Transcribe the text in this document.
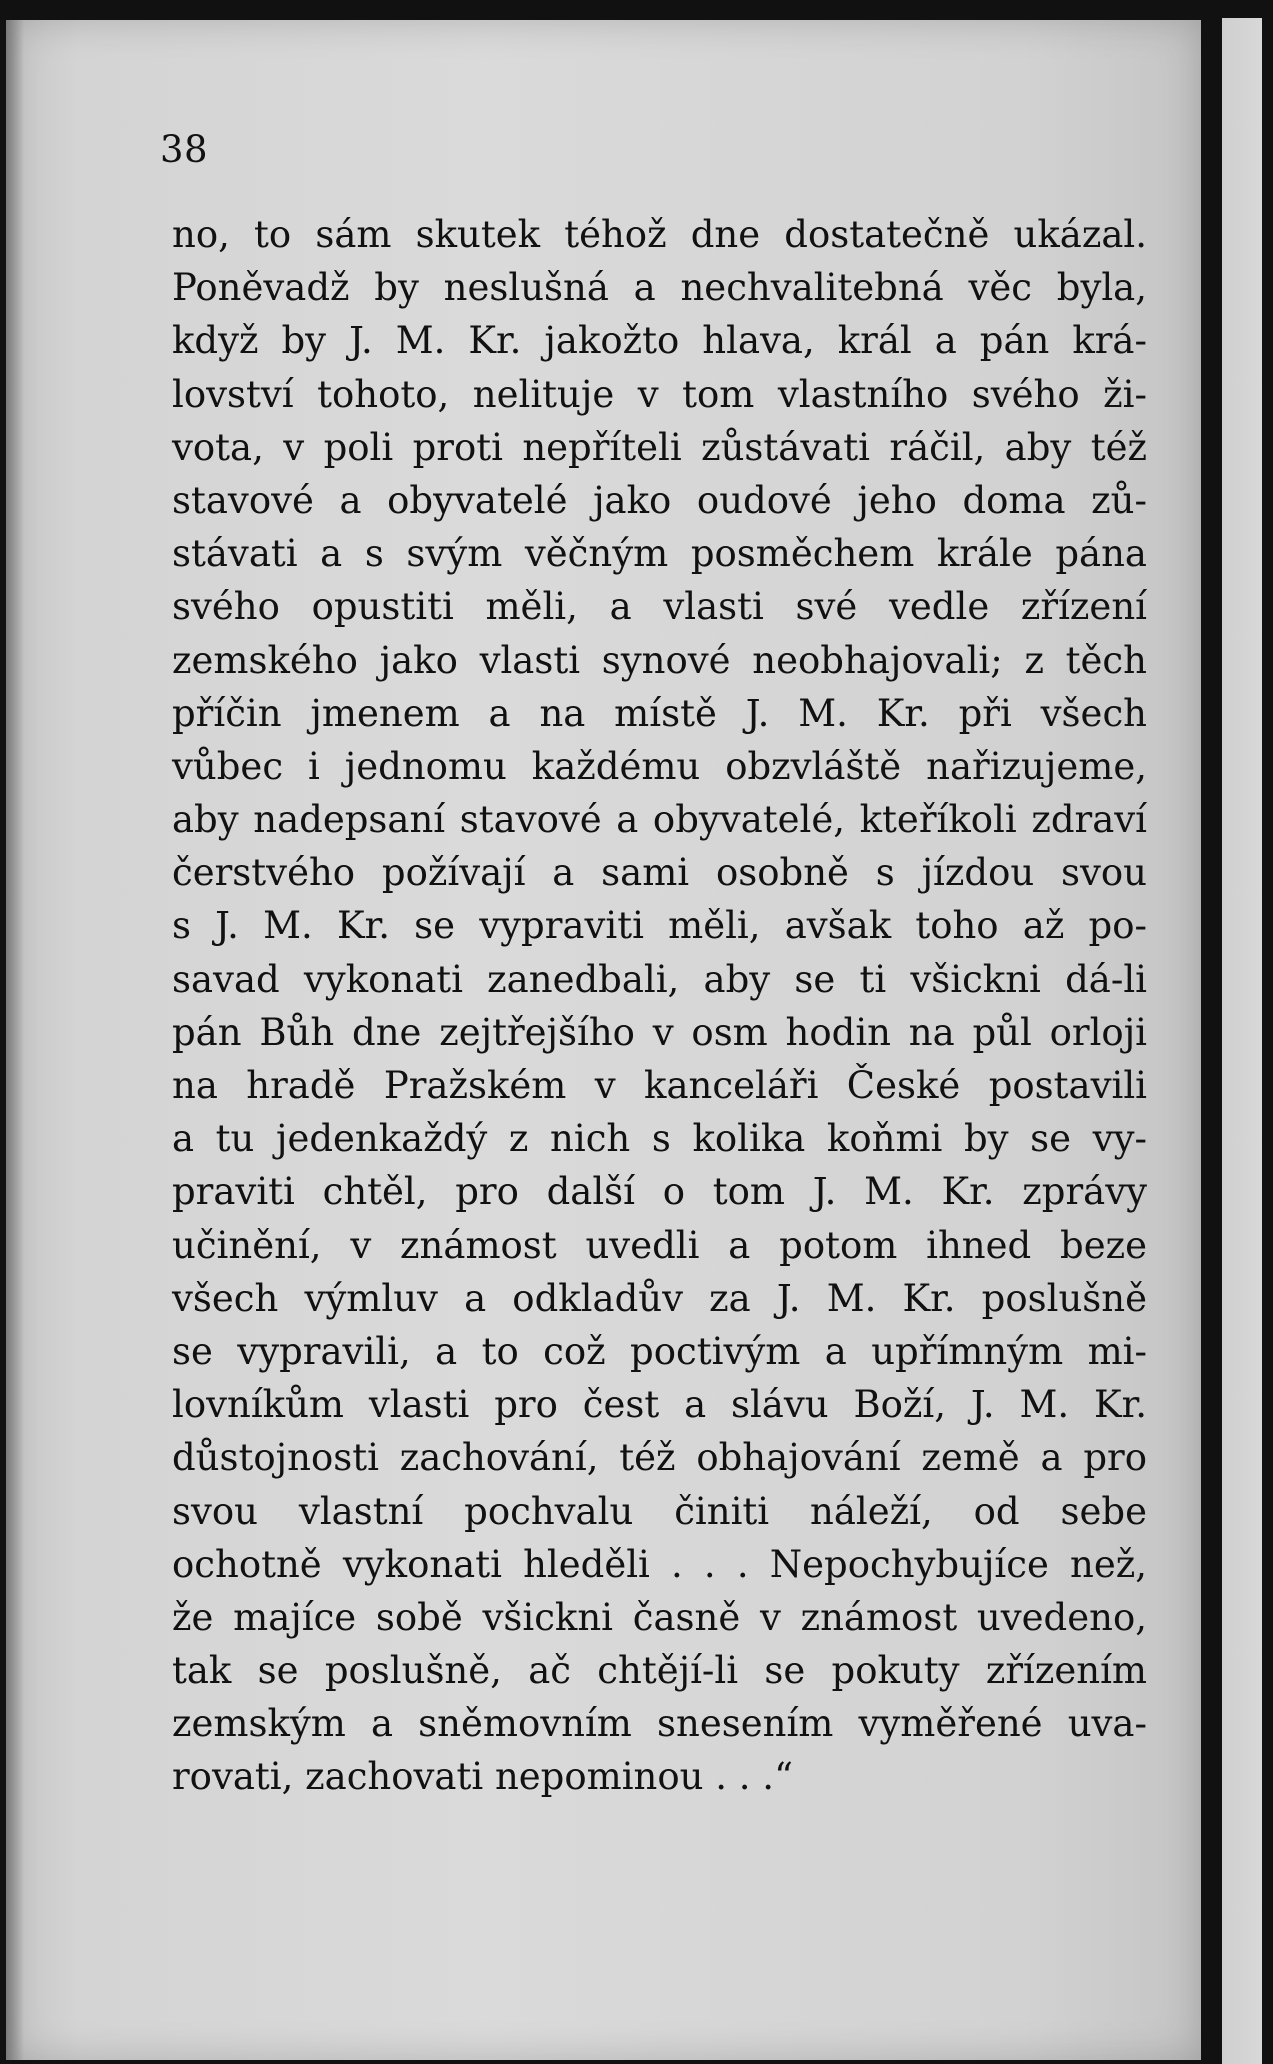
38
no, to sám skutek téhož dne dostatečně ukázal.
Poněvadž by neslušná a nechvalitebná věc byla,
když by J. M. Kr. jakožto hlava, král a pán krá-
lovství tohoto, nelituje v tom vlastního svého ži-
vota, v poli proti nepříteli zůstávati ráčil, aby též
stavové a obyvatelé jako oudové jeho doma zů-
stávati a s svým věčným posměchem krále pána
svého opustiti měli, a vlasti své vedle zřízení
zemského jako vlasti synové neobhajovali; z těch
příčin jmenem a na místě J. M. Kr. při všech
vůbec i jednomu každému obzvláště nařizujeme,
aby nadepsaní stavové a obyvatelé, kteříkoli zdraví
čerstvého požívají a sami osobně s jízdou svou
s J. M. Kr. se vypraviti měli, avšak toho až po-
savad vykonati zanedbali, aby se ti všickni dá-li
pán Bůh dne zejtřejšího v osm hodin na půl orloji
na hradě Pražském v kanceláři České postavili
a tu jedenkaždý z nich s kolika koňmi by se vy-
praviti chtěl, pro další o tom J. M. Kr. zprávy
učinění, v známost uvedli a potom ihned beze
všech výmluv a odkladův za J. M. Kr. poslušně
se vypravili, a to což poctivým a upřímným mi-
lovníkům vlasti pro čest a slávu Boží, J. M. Kr.
důstojnosti zachování, též obhajování země a pro
svou vlastní pochvalu činiti náleží, od sebe
ochotně vykonati hleděli . . . Nepochybujíce než,
že majíce sobě všickni časně v známost uvedeno,
tak se poslušně, ač chtějí-li se pokuty zřízením
zemským a sněmovním snesením vyměřené uva-
rovati, zachovati nepominou . . .“
